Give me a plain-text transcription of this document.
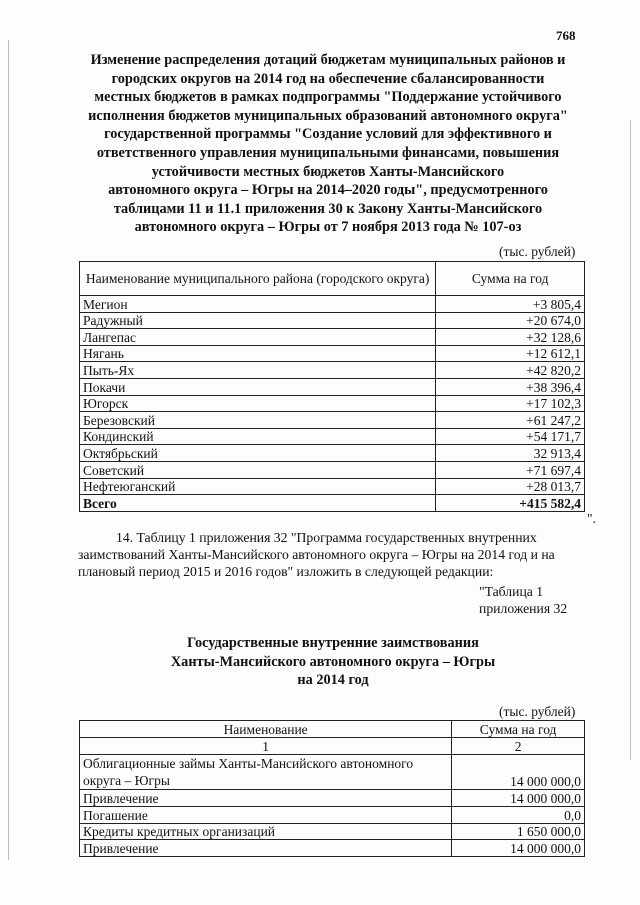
768
Изменение распределения дотаций бюджетам муниципальных районов и
городских округов на 2014 год на обеспечение сбалансированности
местных бюджетов в рамках подпрограммы "Поддержание устойчивого
исполнения бюджетов муниципальных образований автономного округа"
государственной программы "Создание условий для эффективного и
ответственного управления муниципальными финансами, повышения
устойчивости местных бюджетов Ханты-Мансийского
автономного округа – Югры на 2014–2020 годы", предусмотренного
таблицами 11 и 11.1 приложения 30 к Закону Ханты-Мансийского
автономного округа – Югры от 7 ноября 2013 года № 107-оз
(тыс. рублей)
Наименование муниципального района (городского округа)	Сумма на год
Мегион	+3 805,4
Радужный	+20 674,0
Лангепас	+32 128,6
Нягань	+12 612,1
Пыть-Ях	+42 820,2
Покачи	+38 396,4
Югорск	+17 102,3
Березовский	+61 247,2
Кондинский	+54 171,7
Октябрьский	32 913,4
Советский	+71 697,4
Нефтеюганский	+28 013,7
Всего	+415 582,4
".
14. Таблицу 1 приложения 32 "Программа государственных внутренних
заимствований Ханты-Мансийского автономного округа – Югры на 2014 год и на
плановый период 2015 и 2016 годов" изложить в следующей редакции:
"Таблица 1
приложения 32
Государственные внутренние заимствования
Ханты-Мансийского автономного округа – Югры
на 2014 год
(тыс. рублей)
Наименование	Сумма на год
1	2
Облигационные займы Ханты-Мансийского автономного округа – Югры	14 000 000,0
Привлечение	14 000 000,0
Погашение	0,0
Кредиты кредитных организаций	1 650 000,0
Привлечение	14 000 000,0
